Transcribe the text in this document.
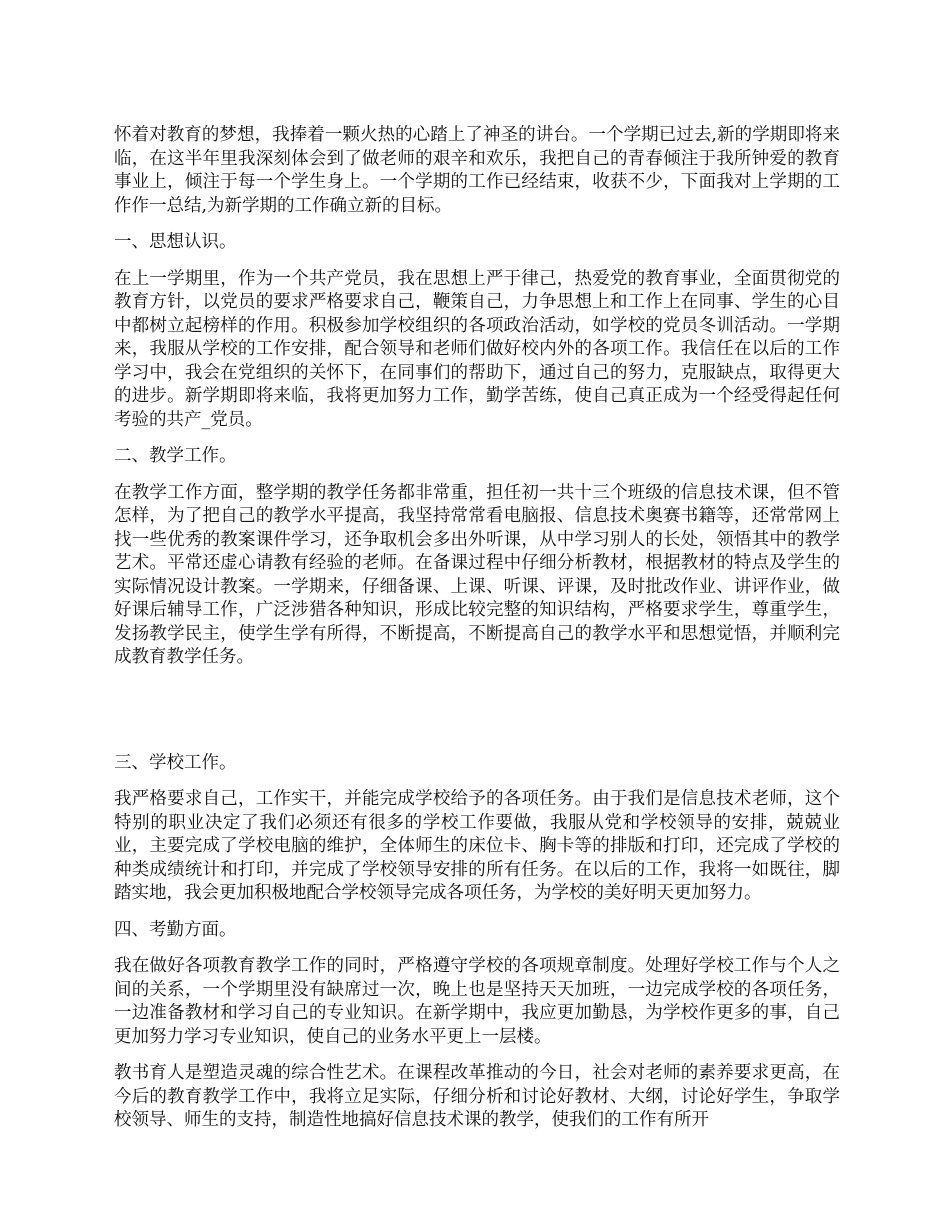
怀着对教育的梦想，我捧着一颗火热的心踏上了神圣的讲台。一个学期已过去,新的学期即将来临，在这半年里我深刻体会到了做老师的艰辛和欢乐，我把自己的青春倾注于我所钟爱的教育事业上，倾注于每一个学生身上。一个学期的工作已经结束，收获不少，下面我对上学期的工作作一总结,为新学期的工作确立新的目标。

一、思想认识。

在上一学期里，作为一个共产党员，我在思想上严于律己，热爱党的教育事业，全面贯彻党的教育方针，以党员的要求严格要求自己，鞭策自己，力争思想上和工作上在同事、学生的心目中都树立起榜样的作用。积极参加学校组织的各项政治活动，如学校的党员冬训活动。一学期来，我服从学校的工作安排，配合领导和老师们做好校内外的各项工作。我信任在以后的工作学习中，我会在党组织的关怀下，在同事们的帮助下，通过自己的努力，克服缺点，取得更大的进步。新学期即将来临，我将更加努力工作，勤学苦练，使自己真正成为一个经受得起任何考验的共产_党员。

二、教学工作。

在教学工作方面，整学期的教学任务都非常重，担任初一共十三个班级的信息技术课，但不管怎样，为了把自己的教学水平提高，我坚持常常看电脑报、信息技术奥赛书籍等，还常常网上找一些优秀的教案课件学习，还争取机会多出外听课，从中学习别人的长处，领悟其中的教学艺术。平常还虚心请教有经验的老师。在备课过程中仔细分析教材，根据教材的特点及学生的实际情况设计教案。一学期来，仔细备课、上课、听课、评课，及时批改作业、讲评作业，做好课后辅导工作，广泛涉猎各种知识，形成比较完整的知识结构，严格要求学生，尊重学生，发扬教学民主，使学生学有所得，不断提高，不断提高自己的教学水平和思想觉悟，并顺利完成教育教学任务。

三、学校工作。

我严格要求自己，工作实干，并能完成学校给予的各项任务。由于我们是信息技术老师，这个特别的职业决定了我们必须还有很多的学校工作要做，我服从党和学校领导的安排，兢兢业业，主要完成了学校电脑的维护，全体师生的床位卡、胸卡等的排版和打印，还完成了学校的种类成绩统计和打印，并完成了学校领导安排的所有任务。在以后的工作，我将一如既往，脚踏实地，我会更加积极地配合学校领导完成各项任务，为学校的美好明天更加努力。

四、考勤方面。

我在做好各项教育教学工作的同时，严格遵守学校的各项规章制度。处理好学校工作与个人之间的关系，一个学期里没有缺席过一次，晚上也是坚持天天加班，一边完成学校的各项任务，一边准备教材和学习自己的专业知识。在新学期中，我应更加勤恳，为学校作更多的事，自己更加努力学习专业知识，使自己的业务水平更上一层楼。

教书育人是塑造灵魂的综合性艺术。在课程改革推动的今日，社会对老师的素养要求更高，在今后的教育教学工作中，我将立足实际，仔细分析和讨论好教材、大纲，讨论好学生，争取学校领导、师生的支持，制造性地搞好信息技术课的教学，使我们的工作有所开
